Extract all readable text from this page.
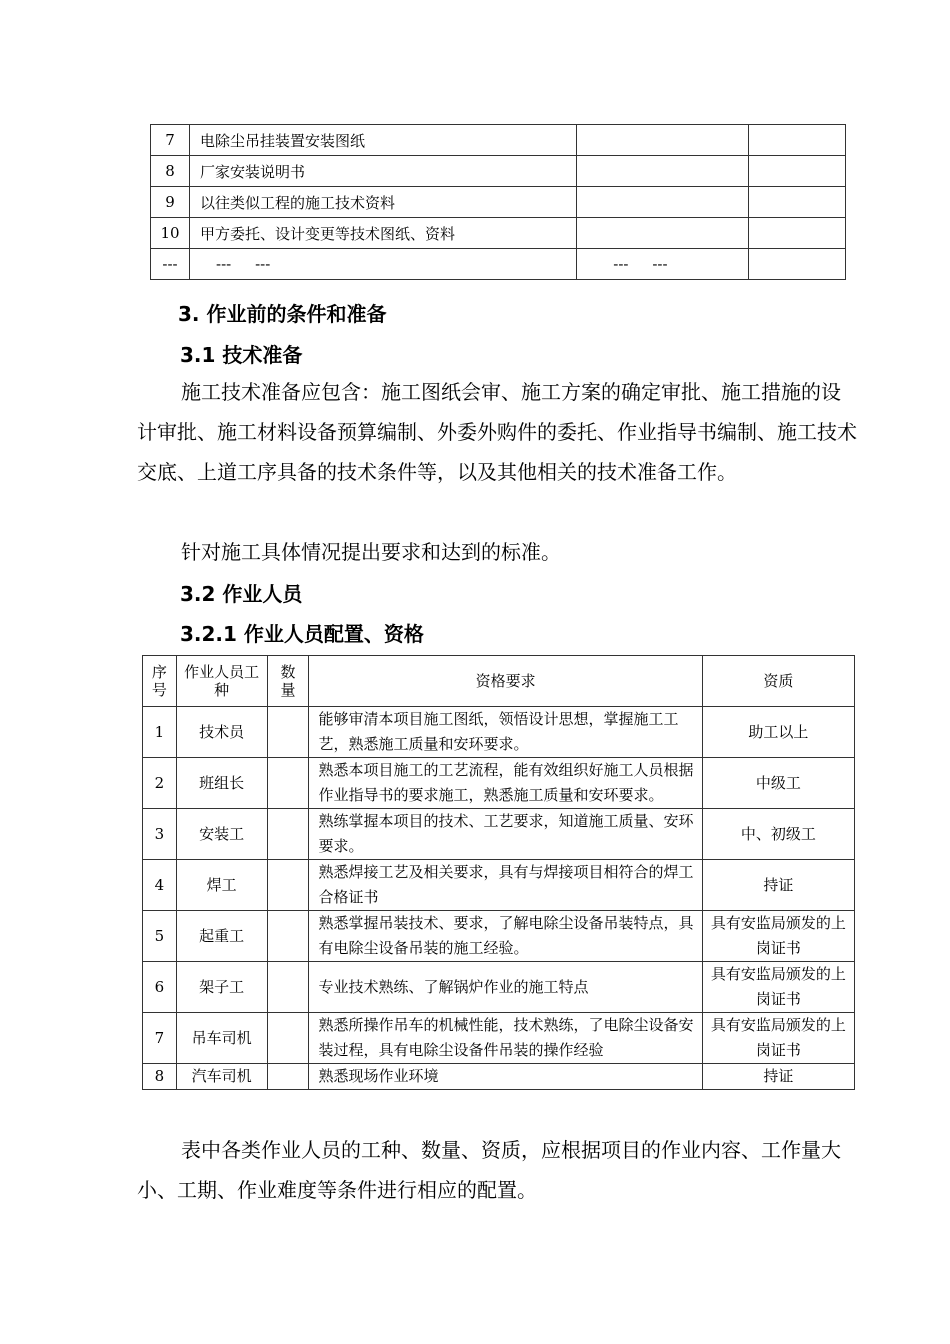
7	电除尘吊挂装置安装图纸		
8	厂家安装说明书		
9	以往类似工程的施工技术资料		
10	甲方委托、设计变更等技术图纸、资料		
---	---     ---	---     ---	
3. 作业前的条件和准备
3.1 技术准备
施工技术准备应包含：施工图纸会审、施工方案的确定审批、施工措施的设计审批、施工材料设备预算编制、外委外购件的委托、作业指导书编制、施工技术交底、上道工序具备的技术条件等，以及其他相关的技术准备工作。
针对施工具体情况提出要求和达到的标准。
3.2 作业人员
3.2.1 作业人员配置、资格
序号	作业人员工种	数量	资格要求	资质
1	技术员		能够审清本项目施工图纸，领悟设计思想，掌握施工工艺，熟悉施工质量和安环要求。	助工以上
2	班组长		熟悉本项目施工的工艺流程，能有效组织好施工人员根据作业指导书的要求施工，熟悉施工质量和安环要求。	中级工
3	安装工		熟练掌握本项目的技术、工艺要求，知道施工质量、安环要求。	中、初级工
4	焊工		熟悉焊接工艺及相关要求，具有与焊接项目相符合的焊工合格证书	持证
5	起重工		熟悉掌握吊装技术、要求，了解电除尘设备吊装特点，具有电除尘设备吊装的施工经验。	具有安监局颁发的上岗证书
6	架子工		专业技术熟练、了解锅炉作业的施工特点	具有安监局颁发的上岗证书
7	吊车司机		熟悉所操作吊车的机械性能，技术熟练，了电除尘设备安装过程，具有电除尘设备件吊装的操作经验	具有安监局颁发的上岗证书
8	汽车司机		熟悉现场作业环境	持证
表中各类作业人员的工种、数量、资质，应根据项目的作业内容、工作量大小、工期、作业难度等条件进行相应的配置。
